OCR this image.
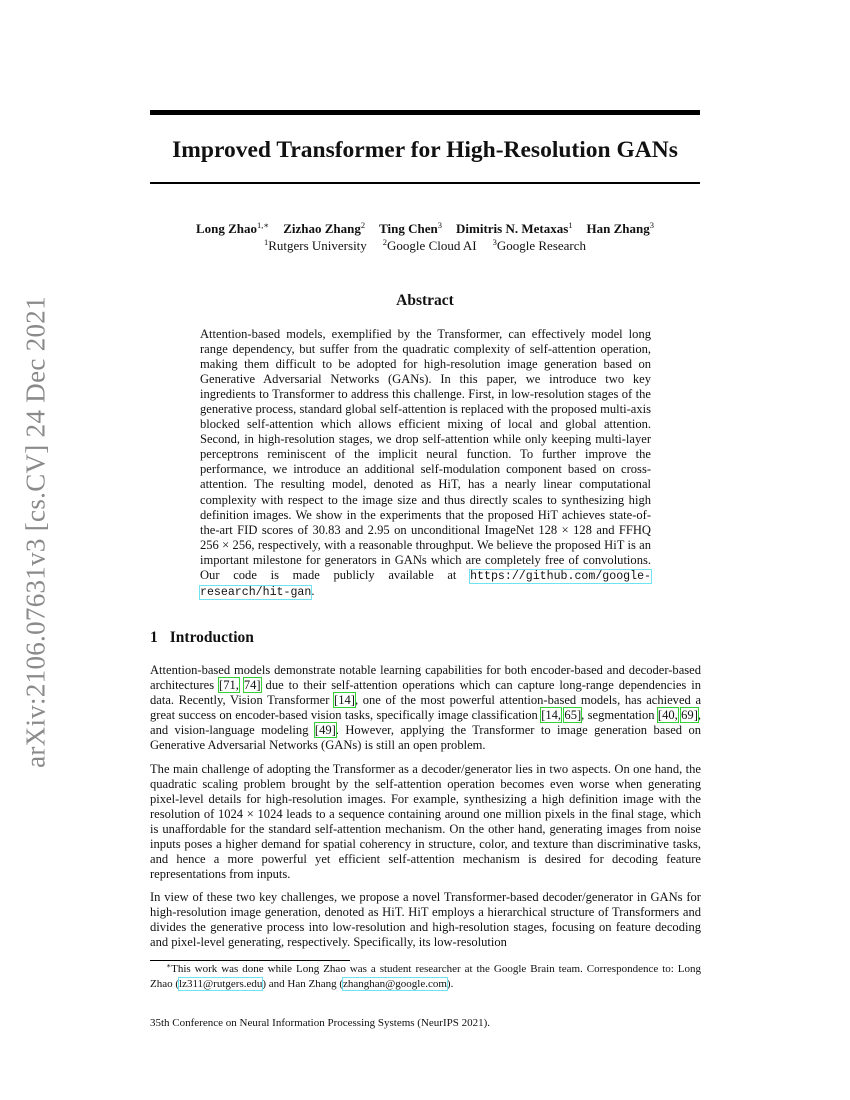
arXiv:2106.07631v3 [cs.CV] 24 Dec 2021
Improved Transformer for High-Resolution GANs
Long Zhao$^{1,∗}$ Zizhao Zhang$^2$ Ting Chen$^3$ Dimitris N. Metaxas$^1$ Han Zhang$^3$
$^1$Rutgers University $^2$Google Cloud AI $^3$Google Research
Abstract

Attention-based models, exemplified by the Transformer, can effectively model long range dependency, but suffer from the quadratic complexity of self-attention operation, making them difficult to be adopted for high-resolution image generation based on Generative Adversarial Networks (GANs). In this paper, we introduce two key ingredients to Transformer to address this challenge. First, in low-resolution stages of the generative process, standard global self-attention is replaced with the proposed multi-axis blocked self-attention which allows efficient mixing of local and global attention. Second, in high-resolution stages, we drop self-attention while only keeping multi-layer perceptrons reminiscent of the implicit neural function. To further improve the performance, we introduce an additional self-modulation component based on cross-attention. The resulting model, denoted as HiT, has a nearly linear computational complexity with respect to the image size and thus directly scales to synthesizing high definition images. We show in the experiments that the proposed HiT achieves state-of-the-art FID scores of 30.83 and 2.95 on unconditional ImageNet 128 × 128 and FFHQ 256 × 256, respectively, with a reasonable throughput. We believe the proposed HiT is an important milestone for generators in GANs which are completely free of convolutions. Our code is made publicly available at https://github.com/google-research/hit-gan.

1 Introduction

Attention-based models demonstrate notable learning capabilities for both encoder-based and decoder-based architectures [71, 74] due to their self-attention operations which can capture long-range dependencies in data. Recently, Vision Transformer [14], one of the most powerful attention-based models, has achieved a great success on encoder-based vision tasks, specifically image classification [14, 65], segmentation [40, 69], and vision-language modeling [49]. However, applying the Transformer to image generation based on Generative Adversarial Networks (GANs) is still an open problem.

The main challenge of adopting the Transformer as a decoder/generator lies in two aspects. On one hand, the quadratic scaling problem brought by the self-attention operation becomes even worse when generating pixel-level details for high-resolution images. For example, synthesizing a high definition image with the resolution of 1024 × 1024 leads to a sequence containing around one million pixels in the final stage, which is unaffordable for the standard self-attention mechanism. On the other hand, generating images from noise inputs poses a higher demand for spatial coherency in structure, color, and texture than discriminative tasks, and hence a more powerful yet efficient self-attention mechanism is desired for decoding feature representations from inputs.

In view of these two key challenges, we propose a novel Transformer-based decoder/generator in GANs for high-resolution image generation, denoted as HiT. HiT employs a hierarchical structure of Transformers and divides the generative process into low-resolution and high-resolution stages, focusing on feature decoding and pixel-level generating, respectively. Specifically, its low-resolution

∗This work was done while Long Zhao was a student researcher at the Google Brain team. Correspondence to: Long Zhao (lz311@rutgers.edu) and Han Zhang (zhanghan@google.com).

35th Conference on Neural Information Processing Systems (NeurIPS 2021).
